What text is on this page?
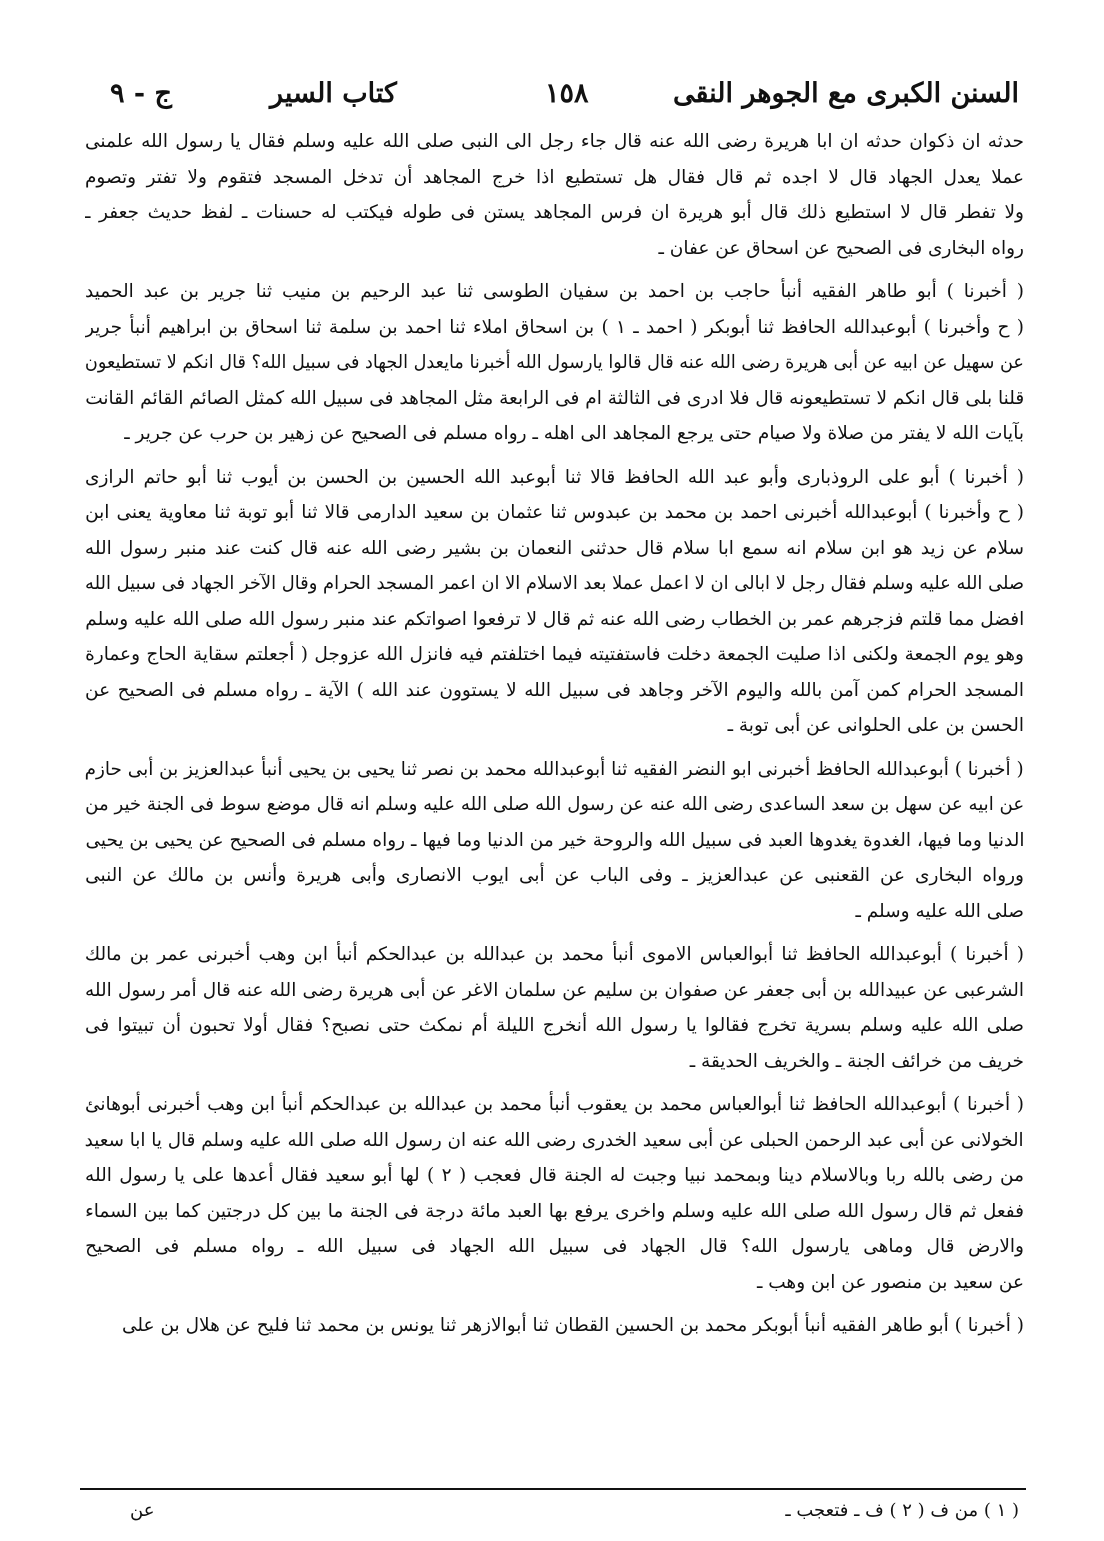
السنن الكبرى مع الجوهر النقى
١٥٨
كتاب السير
ج - ٩
حدثه ان ذكوان حدثه ان ابا هريرة رضى الله عنه قال جاء رجل الى النبى صلى الله عليه وسلم فقال يا رسول الله علمنى
عملا يعدل الجهاد قال لا اجده ثم قال فقال هل تستطيع اذا خرج المجاهد أن تدخل المسجد فتقوم ولا تفتر وتصوم
ولا تفطر قال لا استطيع ذلك قال أبو هريرة ان فرس المجاهد يستن فى طوله فيكتب له حسنات ـ لفظ حديث جعفر ـ
رواه البخارى فى الصحيح عن اسحاق عن عفان ـ
( أخبرنا ) أبو طاهر الفقيه أنبأ حاجب بن احمد بن سفيان الطوسى ثنا عبد الرحيم بن منيب ثنا جرير بن عبد الحميد
( ح وأخبرنا ) أبوعبدالله الحافظ ثنا أبوبكر ( احمد ـ ١ ) بن اسحاق املاء ثنا احمد بن سلمة ثنا اسحاق بن ابراهيم أنبأ جرير
عن سهيل عن ابيه عن أبى هريرة رضى الله عنه قال قالوا يارسول الله أخبرنا مايعدل الجهاد فى سبيل الله؟ قال انكم لا تستطيعون
قلنا بلى قال انكم لا تستطيعونه قال فلا ادرى فى الثالثة ام فى الرابعة مثل المجاهد فى سبيل الله كمثل الصائم القائم القانت
بآيات الله لا يفتر من صلاة ولا صيام حتى يرجع المجاهد الى اهله ـ رواه مسلم فى الصحيح عن زهير بن حرب عن جرير ـ
( أخبرنا ) أبو على الروذبارى وأبو عبد الله الحافظ قالا ثنا أبوعبد الله الحسين بن الحسن بن أيوب ثنا أبو حاتم الرازى
( ح وأخبرنا ) أبوعبدالله أخبرنى احمد بن محمد بن عبدوس ثنا عثمان بن سعيد الدارمى قالا ثنا أبو توبة ثنا معاوية يعنى ابن
سلام عن زيد هو ابن سلام انه سمع ابا سلام قال حدثنى النعمان بن بشير رضى الله عنه قال كنت عند منبر رسول الله
صلى الله عليه وسلم فقال رجل لا ابالى ان لا اعمل عملا بعد الاسلام الا ان اعمر المسجد الحرام وقال الآخر الجهاد فى سبيل الله
افضل مما قلتم فزجرهم عمر بن الخطاب رضى الله عنه ثم قال لا ترفعوا اصواتكم عند منبر رسول الله صلى الله عليه وسلم
وهو يوم الجمعة ولكنى اذا صليت الجمعة دخلت فاستفتيته فيما اختلفتم فيه فانزل الله عزوجل ( أجعلتم سقاية الحاج وعمارة
المسجد الحرام كمن آمن بالله واليوم الآخر وجاهد فى سبيل الله لا يستوون عند الله ) الآية ـ رواه مسلم فى الصحيح عن
الحسن بن على الحلوانى عن أبى توبة ـ
( أخبرنا ) أبوعبدالله الحافظ أخبرنى ابو النضر الفقيه ثنا أبوعبدالله محمد بن نصر ثنا يحيى بن يحيى أنبأ عبدالعزيز بن أبى حازم
عن ابيه عن سهل بن سعد الساعدى رضى الله عنه عن رسول الله صلى الله عليه وسلم انه قال موضع سوط فى الجنة خير من
الدنيا وما فيها، الغدوة يغدوها العبد فى سبيل الله والروحة خير من الدنيا وما فيها ـ رواه مسلم فى الصحيح عن يحيى بن يحيى
ورواه البخارى عن القعنبى عن عبدالعزيز ـ وفى الباب عن أبى ايوب الانصارى وأبى هريرة وأنس بن مالك عن النبى
صلى الله عليه وسلم ـ
( أخبرنا ) أبوعبدالله الحافظ ثنا أبوالعباس الاموى أنبأ محمد بن عبدالله بن عبدالحكم أنبأ ابن وهب أخبرنى عمر بن مالك
الشرعبى عن عبيدالله بن أبى جعفر عن صفوان بن سليم عن سلمان الاغر عن أبى هريرة رضى الله عنه قال أمر رسول الله
صلى الله عليه وسلم بسرية تخرج فقالوا يا رسول الله أنخرج الليلة أم نمكث حتى نصبح؟ فقال أولا تحبون أن تبيتوا فى
خريف من خرائف الجنة ـ والخريف الحديقة ـ
( أخبرنا ) أبوعبدالله الحافظ ثنا أبوالعباس محمد بن يعقوب أنبأ محمد بن عبدالله بن عبدالحكم أنبأ ابن وهب أخبرنى أبوهانئ
الخولانى عن أبى عبد الرحمن الحبلى عن أبى سعيد الخدرى رضى الله عنه ان رسول الله صلى الله عليه وسلم قال يا ابا سعيد
من رضى بالله ربا وبالاسلام دينا وبمحمد نبيا وجبت له الجنة قال فعجب ( ٢ ) لها أبو سعيد فقال أعدها على يا رسول الله
ففعل ثم قال رسول الله صلى الله عليه وسلم واخرى يرفع بها العبد مائة درجة فى الجنة ما بين كل درجتين كما بين السماء
والارض قال وماهى يارسول الله؟ قال الجهاد فى سبيل الله الجهاد فى سبيل الله ـ رواه مسلم فى الصحيح
عن سعيد بن منصور عن ابن وهب ـ
( أخبرنا ) أبو طاهر الفقيه أنبأ أبوبكر محمد بن الحسين القطان ثنا أبوالازهر ثنا يونس بن محمد ثنا فليح عن هلال بن على
( ١ ) من ف ( ٢ ) ف ـ فتعجب ـ
عن
